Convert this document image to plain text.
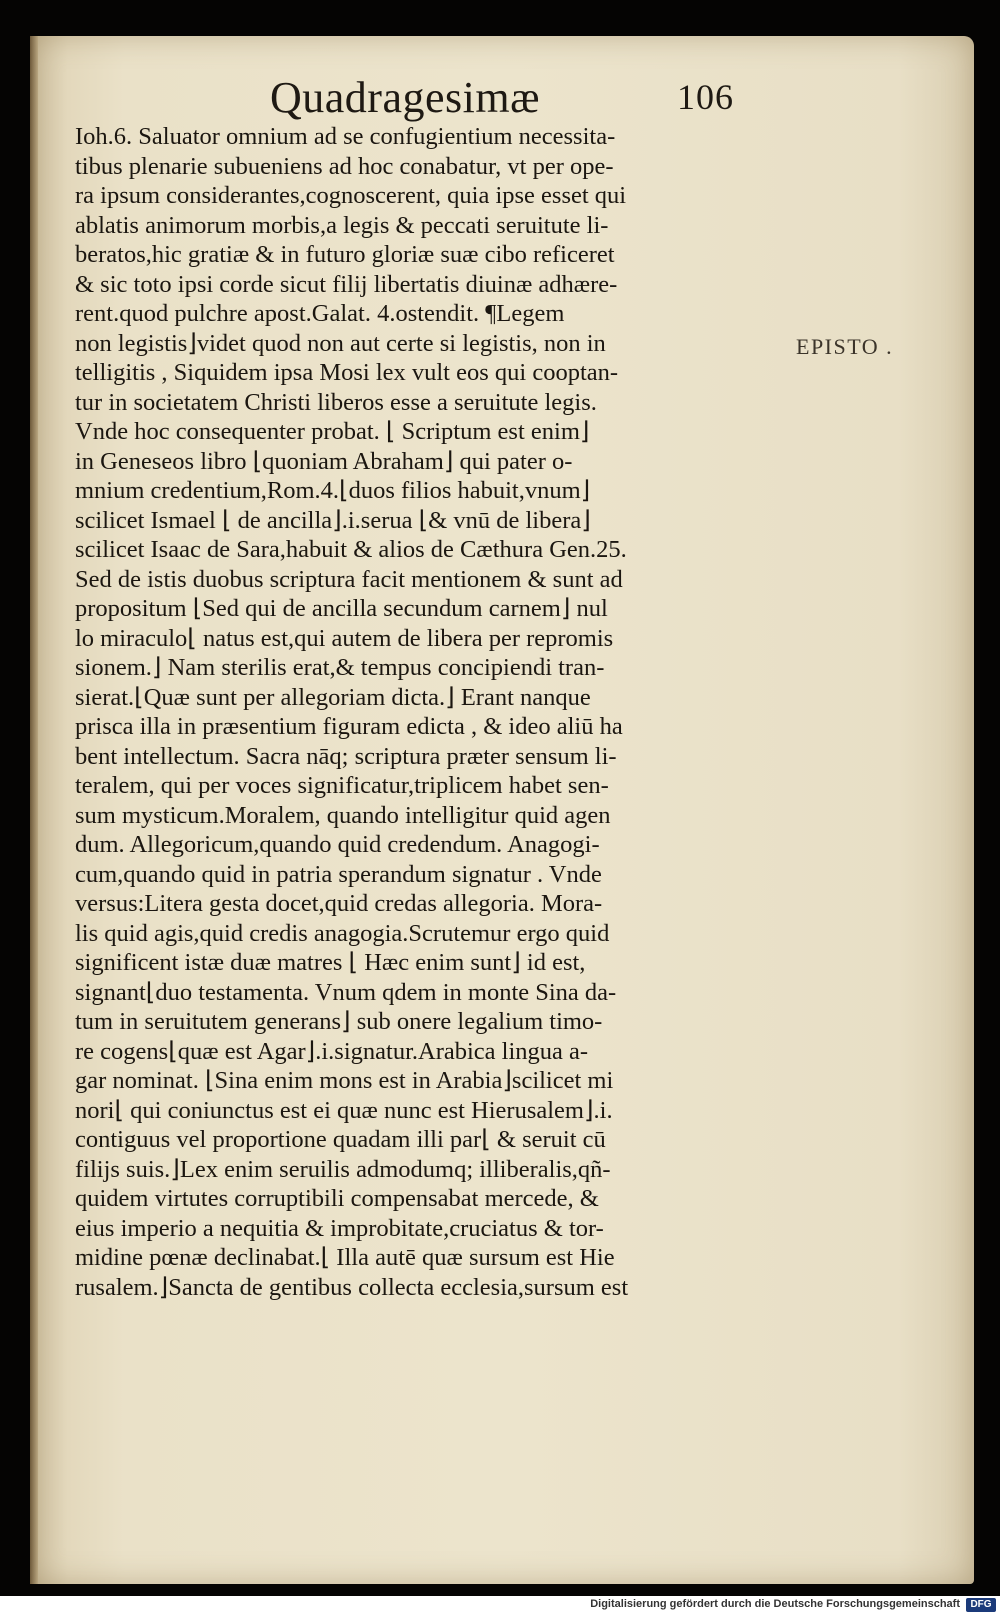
Quadragesimæ	106
Ioh.6. Saluator omnium ad se confugientium necessita-
tibus plenarie subueniens ad hoc conabatur, vt per ope-
ra ipsum considerantes,cognoscerent, quia ipse esset qui
ablatis animorum morbis,a legis & peccati seruitute li-
beratos,hic gratiæ & in futuro gloriæ suæ cibo reficeret
& sic toto ipsi corde sicut filij libertatis diuinæ adhære-
rent.quod pulchre apost.Galat. 4.ostendit. ¶Legem
non legistis⌋videt quod non aut certe si legistis, non in
telligitis , Siquidem ipsa Mosi lex vult eos qui cooptan-
tur in societatem Christi liberos esse a seruitute legis.
Vnde hoc consequenter probat. ⌊ Scriptum est enim⌋
in Geneseos libro ⌊quoniam Abraham⌋ qui pater o-
mnium credentium,Rom.4.⌊duos filios habuit,vnum⌋
scilicet Ismael ⌊ de ancilla⌋.i.serua ⌊& vnū de libera⌋
scilicet Isaac de Sara,habuit & alios de Cæthura Gen.25.
Sed de istis duobus scriptura facit mentionem & sunt ad
propositum ⌊Sed qui de ancilla secundum carnem⌋ nul
lo miraculo⌊ natus est,qui autem de libera per repromis
sionem.⌋ Nam sterilis erat,& tempus concipiendi tran-
sierat.⌊Quæ sunt per allegoriam dicta.⌋ Erant nanque
prisca illa in præsentium figuram edicta , & ideo aliū ha
bent intellectum. Sacra nāq; scriptura præter sensum li-
teralem, qui per voces significatur,triplicem habet sen-
sum mysticum.Moralem, quando intelligitur quid agen
dum. Allegoricum,quando quid credendum. Anagogi-
cum,quando quid in patria sperandum signatur . Vnde
versus:Litera gesta docet,quid credas allegoria. Mora-
lis quid agis,quid credis anagogia.Scrutemur ergo quid
significent istæ duæ matres ⌊ Hæc enim sunt⌋ id est,
signant⌊duo testamenta. Vnum qdem in monte Sina da-
tum in seruitutem generans⌋ sub onere legalium timo-
re cogens⌊quæ est Agar⌋.i.signatur.Arabica lingua a-
gar nominat. ⌊Sina enim mons est in Arabia⌋scilicet mi
nori⌊ qui coniunctus est ei quæ nunc est Hierusalem⌋.i.
contiguus vel proportione quadam illi par⌊ & seruit cū
filijs suis.⌋Lex enim seruilis admodumq; illiberalis,qñ-
quidem virtutes corruptibili compensabat mercede, &
eius imperio a nequitia & improbitate,cruciatus & tor-
midine pœnæ declinabat.⌊ Illa autē quæ sursum est Hie
rusalem.⌋Sancta de gentibus collecta ecclesia,sursum est
EPISTO .
Digitalisierung gefördert durch die Deutsche Forschungsgemeinschaft	DFG
